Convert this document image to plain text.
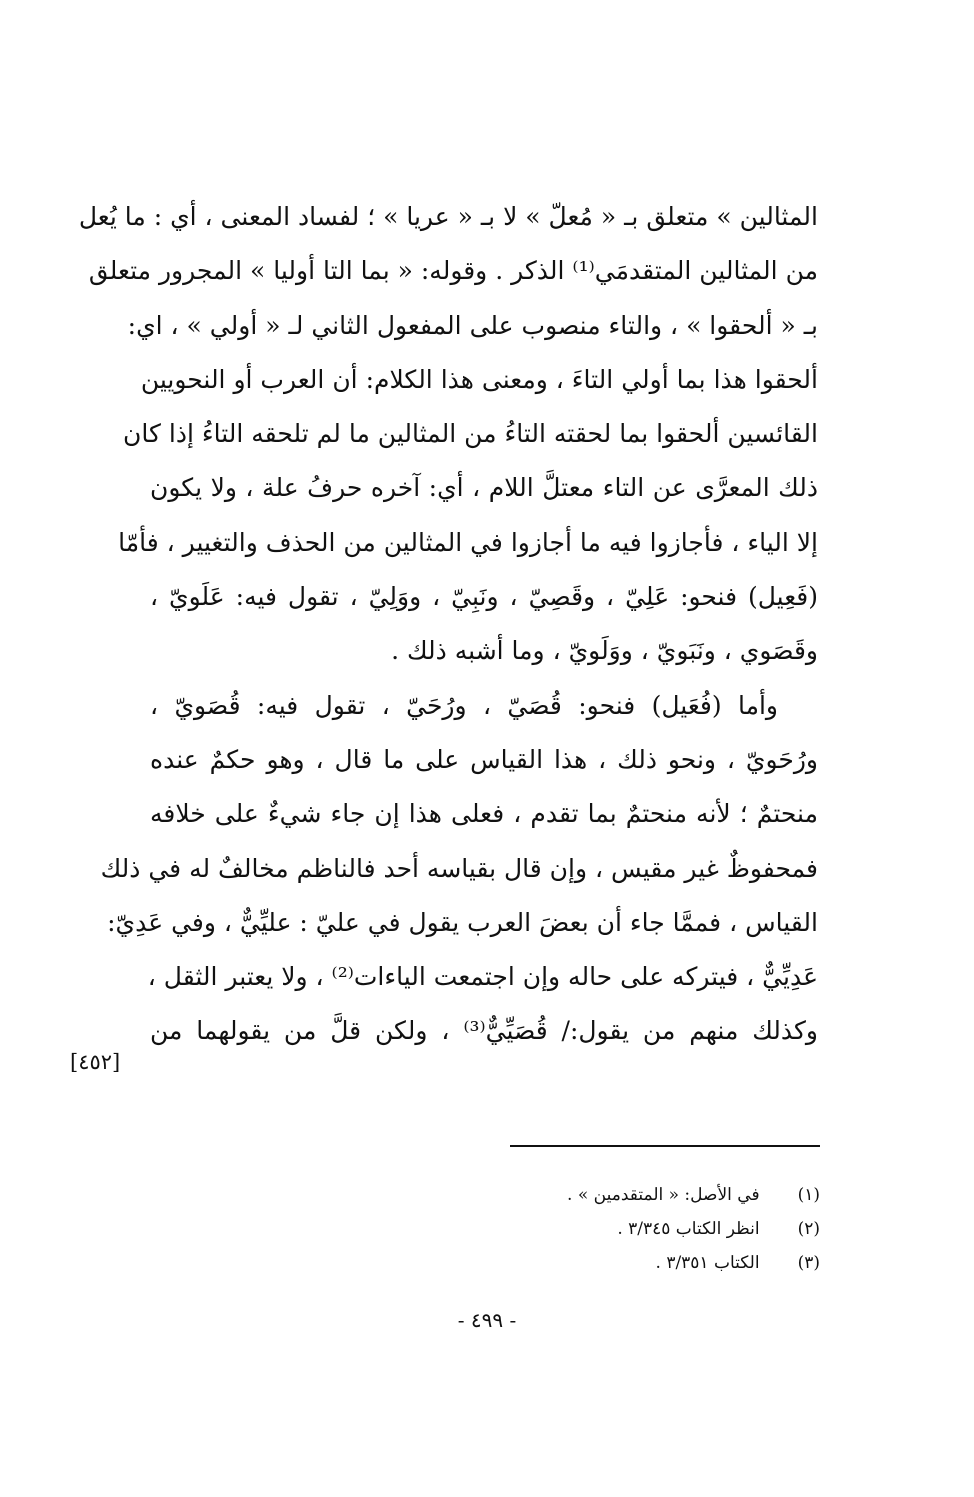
المثالين » متعلق بـ « مُعلّ » لا بـ « عريا » ؛ لفساد المعنى ، أي : ما يُعل
من المثالين المتقدمَي⁽¹⁾ الذكر . وقوله: « بما التا أوليا » المجرور متعلق
بـ « ألحقوا » ، والتاء منصوب على المفعول الثاني لـ « أولي » ، اي:
ألحقوا هذا بما أولي التاءَ ، ومعنى هذا الكلام: أن العرب أو النحويين
القائسين ألحقوا بما لحقته التاءُ من المثالين ما لم تلحقه التاءُ إذا كان
ذلك المعرَّى عن التاء معتلَّ اللام ، أي: آخره حرفُ علة ، ولا يكون
إلا الياء ، فأجازوا فيه ما أجازوا في المثالين من الحذف والتغيير ، فأمّا
(فَعِيل) فنحو: عَلِيّ ، وقَصِيّ ، ونَبِيّ ، ووَلِيّ ، تقول فيه: عَلَويّ ،
وقَصَوي ، ونَبَويّ ، ووَلَويّ ، وما أشبه ذلك .
وأما (فُعَيل) فنحو: قُصَيّ ، ورُحَيّ ، تقول فيه: قُصَويّ ،
ورُحَويّ ، ونحو ذلك ، هذا القياس على ما قال ، وهو حكمٌ عنده
منحتمٌ ؛ لأنه منحتمٌ بما تقدم ، فعلى هذا إن جاء شيءٌ على خلافه
فمحفوظٌ غير مقيس ، وإن قال بقياسه أحد فالناظم مخالفٌ له في ذلك
القياس ، فممَّا جاء أن بعضَ العرب يقول في عليّ : عليِّيٌّ ، وفي عَدِيّ:
عَدِيِّيٌّ ، فيتركه على حاله وإن اجتمعت الياءات⁽²⁾ ، ولا يعتبر الثقل ،
وكذلك منهم من يقول:/ قُصَيِّيٌّ⁽³⁾ ، ولكن قلَّ من يقولهما من
[٤٥٢]
(١) في الأصل: « المتقدمين » .
(٢) انظر الكتاب ٣/٣٤٥ .
(٣) الكتاب ٣/٣٥١ .
- ٤٩٩ -
